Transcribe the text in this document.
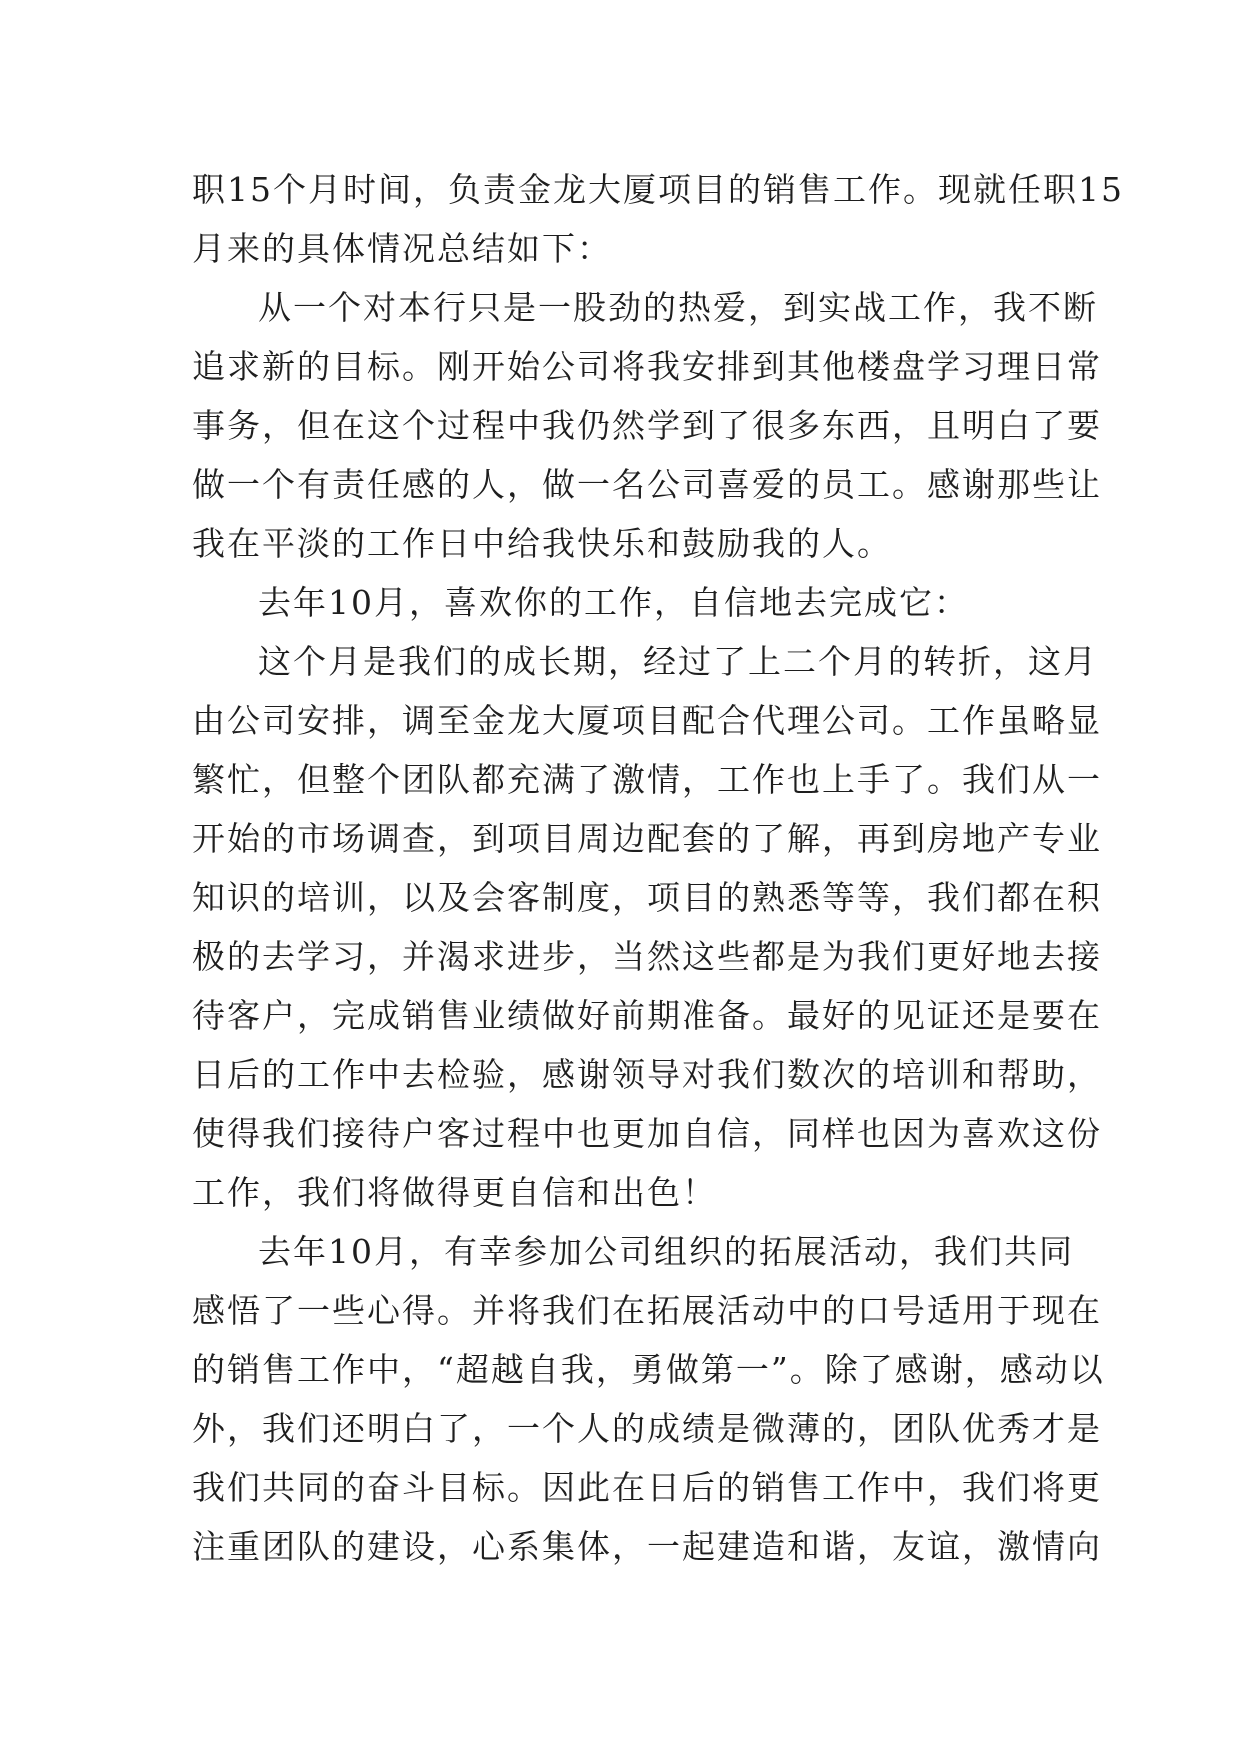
职15个月时间，负责金龙大厦项目的销售工作。现就任职15
月来的具体情况总结如下：
从一个对本行只是一股劲的热爱，到实战工作，我不断
追求新的目标。刚开始公司将我安排到其他楼盘学习理日常
事务，但在这个过程中我仍然学到了很多东西，且明白了要
做一个有责任感的人，做一名公司喜爱的员工。感谢那些让
我在平淡的工作日中给我快乐和鼓励我的人。
去年10月，喜欢你的工作，自信地去完成它：
这个月是我们的成长期，经过了上二个月的转折，这月
由公司安排，调至金龙大厦项目配合代理公司。工作虽略显
繁忙，但整个团队都充满了激情，工作也上手了。我们从一
开始的市场调查，到项目周边配套的了解，再到房地产专业
知识的培训，以及会客制度，项目的熟悉等等，我们都在积
极的去学习，并渴求进步，当然这些都是为我们更好地去接
待客户，完成销售业绩做好前期准备。最好的见证还是要在
日后的工作中去检验，感谢领导对我们数次的培训和帮助，
使得我们接待户客过程中也更加自信，同样也因为喜欢这份
工作，我们将做得更自信和出色！
去年10月，有幸参加公司组织的拓展活动，我们共同
感悟了一些心得。并将我们在拓展活动中的口号适用于现在
的销售工作中，“超越自我，勇做第一”。除了感谢，感动以
外，我们还明白了，一个人的成绩是微薄的，团队优秀才是
我们共同的奋斗目标。因此在日后的销售工作中，我们将更
注重团队的建设，心系集体，一起建造和谐，友谊，激情向
